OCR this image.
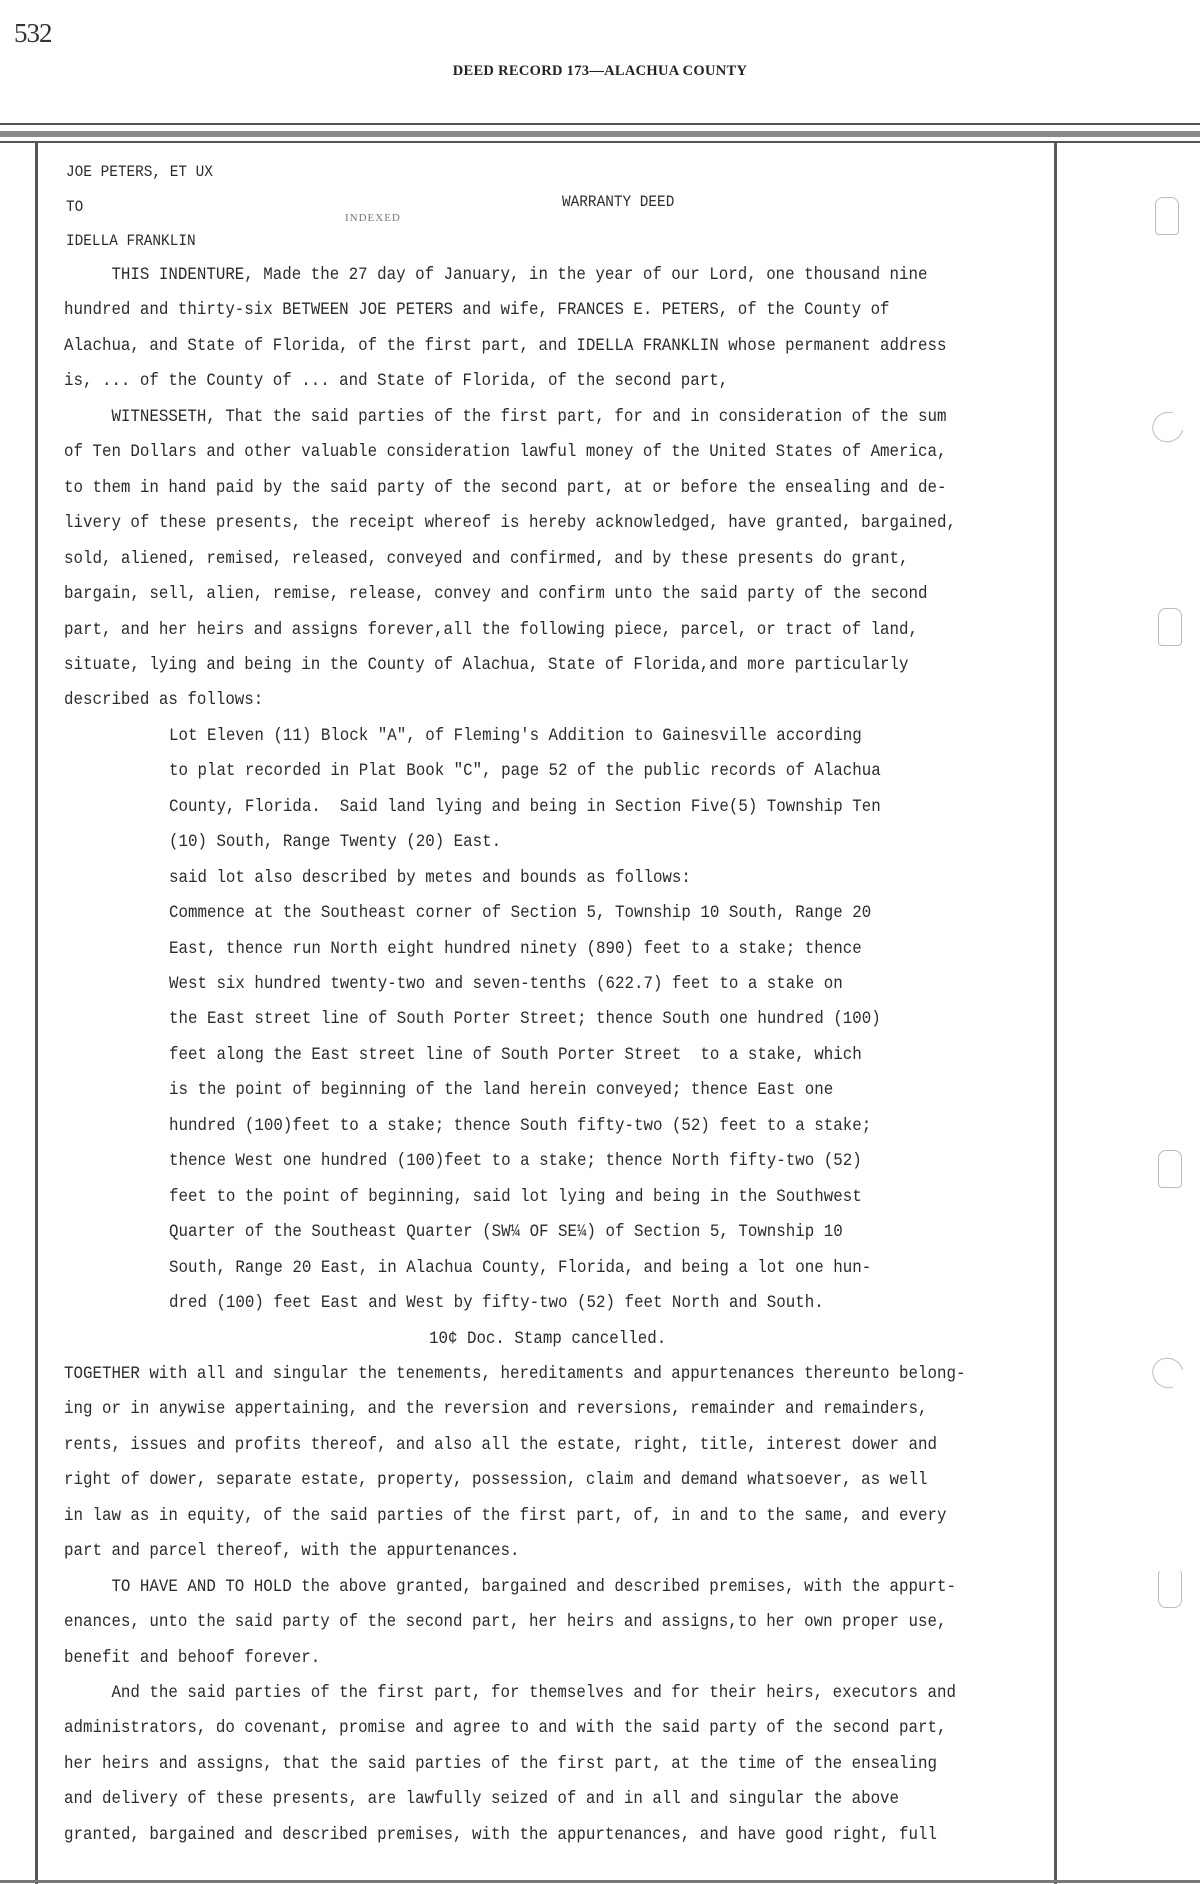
532
DEED RECORD 173—ALACHUA COUNTY
JOE PETERS, ET UX
TO	WARRANTY DEED
INDEXED
IDELLA FRANKLIN
THIS INDENTURE, Made the 27 day of January, in the year of our Lord, one thousand nine
hundred and thirty-six BETWEEN JOE PETERS and wife, FRANCES E. PETERS, of the County of
Alachua, and State of Florida, of the first part, and IDELLA FRANKLIN whose permanent address
is, ... of the County of ... and State of Florida, of the second part,
WITNESSETH, That the said parties of the first part, for and in consideration of the sum
of Ten Dollars and other valuable consideration lawful money of the United States of America,
to them in hand paid by the said party of the second part, at or before the ensealing and de-
livery of these presents, the receipt whereof is hereby acknowledged, have granted, bargained,
sold, aliened, remised, released, conveyed and confirmed, and by these presents do grant,
bargain, sell, alien, remise, release, convey and confirm unto the said party of the second
part, and her heirs and assigns forever,all the following piece, parcel, or tract of land,
situate, lying and being in the County of Alachua, State of Florida,and more particularly
described as follows:
Lot Eleven (11) Block "A", of Fleming's Addition to Gainesville according
to plat recorded in Plat Book "C", page 52 of the public records of Alachua
County, Florida.  Said land lying and being in Section Five(5) Township Ten
(10) South, Range Twenty (20) East.
said lot also described by metes and bounds as follows:
Commence at the Southeast corner of Section 5, Township 10 South, Range 20
East, thence run North eight hundred ninety (890) feet to a stake; thence
West six hundred twenty-two and seven-tenths (622.7) feet to a stake on
the East street line of South Porter Street; thence South one hundred (100)
feet along the East street line of South Porter Street  to a stake, which
is the point of beginning of the land herein conveyed; thence East one
hundred (100)feet to a stake; thence South fifty-two (52) feet to a stake;
thence West one hundred (100)feet to a stake; thence North fifty-two (52)
feet to the point of beginning, said lot lying and being in the Southwest
Quarter of the Southeast Quarter (SW¼ OF SE¼) of Section 5, Township 10
South, Range 20 East, in Alachua County, Florida, and being a lot one hun-
dred (100) feet East and West by fifty-two (52) feet North and South.
10¢ Doc. Stamp cancelled.
TOGETHER with all and singular the tenements, hereditaments and appurtenances thereunto belong-
ing or in anywise appertaining, and the reversion and reversions, remainder and remainders,
rents, issues and profits thereof, and also all the estate, right, title, interest dower and
right of dower, separate estate, property, possession, claim and demand whatsoever, as well
in law as in equity, of the said parties of the first part, of, in and to the same, and every
part and parcel thereof, with the appurtenances.
TO HAVE AND TO HOLD the above granted, bargained and described premises, with the appurt-
enances, unto the said party of the second part, her heirs and assigns,to her own proper use,
benefit and behoof forever.
And the said parties of the first part, for themselves and for their heirs, executors and
administrators, do covenant, promise and agree to and with the said party of the second part,
her heirs and assigns, that the said parties of the first part, at the time of the ensealing
and delivery of these presents, are lawfully seized of and in all and singular the above
granted, bargained and described premises, with the appurtenances, and have good right, full
